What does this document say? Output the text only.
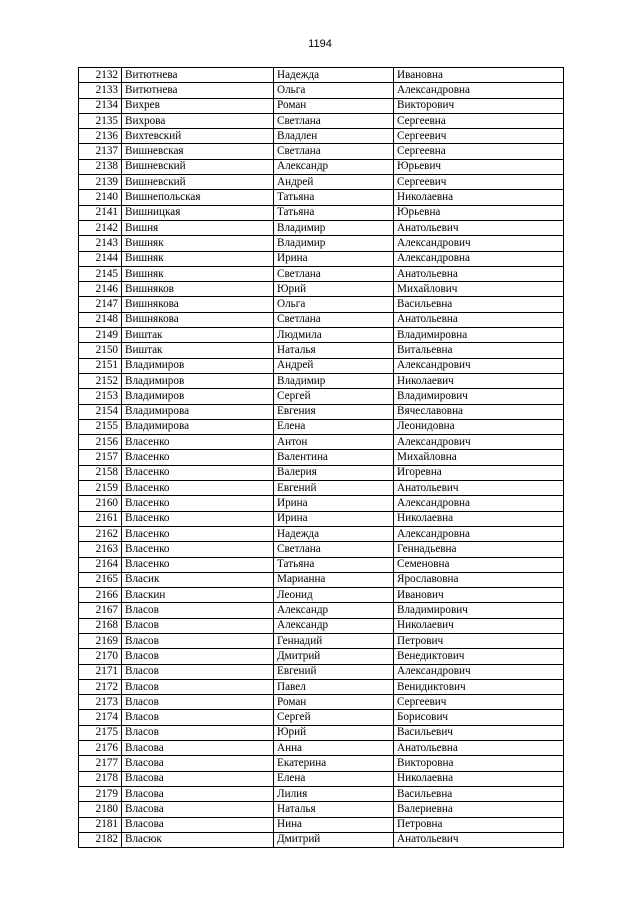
1194
2132	Витютнева	Надежда	Ивановна
2133	Витютнева	Ольга	Александровна
2134	Вихрев	Роман	Викторович
2135	Вихрова	Светлана	Сергеевна
2136	Вихтевский	Владлен	Сергеевич
2137	Вишневская	Светлана	Сергеевна
2138	Вишневский	Александр	Юрьевич
2139	Вишневский	Андрей	Сергеевич
2140	Вишнепольская	Татьяна	Николаевна
2141	Вишницкая	Татьяна	Юрьевна
2142	Вишня	Владимир	Анатольевич
2143	Вишняк	Владимир	Александрович
2144	Вишняк	Ирина	Александровна
2145	Вишняк	Светлана	Анатольевна
2146	Вишняков	Юрий	Михайлович
2147	Вишнякова	Ольга	Васильевна
2148	Вишнякова	Светлана	Анатольевна
2149	Виштак	Людмила	Владимировна
2150	Виштак	Наталья	Витальевна
2151	Владимиров	Андрей	Александрович
2152	Владимиров	Владимир	Николаевич
2153	Владимиров	Сергей	Владимирович
2154	Владимирова	Евгения	Вячеславовна
2155	Владимирова	Елена	Леонидовна
2156	Власенко	Антон	Александрович
2157	Власенко	Валентина	Михайловна
2158	Власенко	Валерия	Игоревна
2159	Власенко	Евгений	Анатольевич
2160	Власенко	Ирина	Александровна
2161	Власенко	Ирина	Николаевна
2162	Власенко	Надежда	Александровна
2163	Власенко	Светлана	Геннадьевна
2164	Власенко	Татьяна	Семеновна
2165	Власик	Марианна	Ярославовна
2166	Власкин	Леонид	Иванович
2167	Власов	Александр	Владимирович
2168	Власов	Александр	Николаевич
2169	Власов	Геннадий	Петрович
2170	Власов	Дмитрий	Венедиктович
2171	Власов	Евгений	Александрович
2172	Власов	Павел	Венидиктович
2173	Власов	Роман	Сергеевич
2174	Власов	Сергей	Борисович
2175	Власов	Юрий	Васильевич
2176	Власова	Анна	Анатольевна
2177	Власова	Екатерина	Викторовна
2178	Власова	Елена	Николаевна
2179	Власова	Лилия	Васильевна
2180	Власова	Наталья	Валериевна
2181	Власова	Нина	Петровна
2182	Власюк	Дмитрий	Анатольевич
